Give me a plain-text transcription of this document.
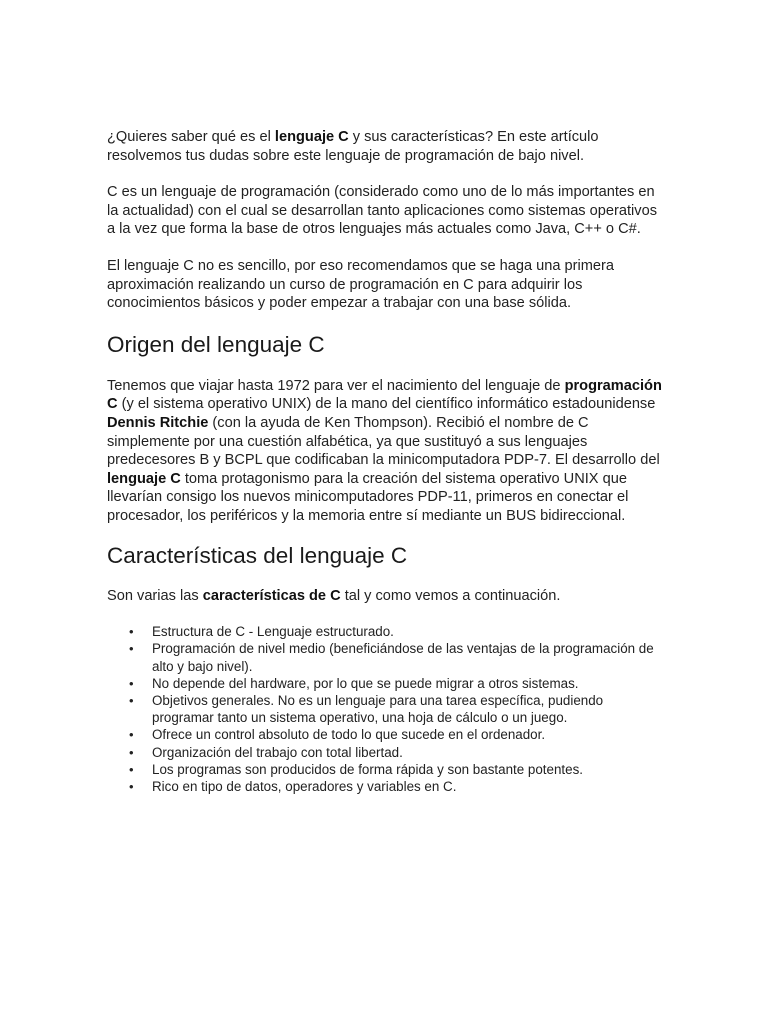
¿Quieres saber qué es el lenguaje C y sus características? En este artículo resolvemos tus dudas sobre este lenguaje de programación de bajo nivel.

C es un lenguaje de programación (considerado como uno de lo más importantes en la actualidad) con el cual se desarrollan tanto aplicaciones como sistemas operativos a la vez que forma la base de otros lenguajes más actuales como Java, C++ o C#.

El lenguaje C no es sencillo, por eso recomendamos que se haga una primera aproximación realizando un curso de programación en C para adquirir los conocimientos básicos y poder empezar a trabajar con una base sólida.

Origen del lenguaje C

Tenemos que viajar hasta 1972 para ver el nacimiento del lenguaje de programación C (y el sistema operativo UNIX) de la mano del científico informático estadounidense Dennis Ritchie (con la ayuda de Ken Thompson). Recibió el nombre de C simplemente por una cuestión alfabética, ya que sustituyó a sus lenguajes predecesores B y BCPL que codificaban la minicomputadora PDP-7. El desarrollo del lenguaje C toma protagonismo para la creación del sistema operativo UNIX que llevarían consigo los nuevos minicomputadores PDP-11, primeros en conectar el procesador, los periféricos y la memoria entre sí mediante un BUS bidireccional.

Características del lenguaje C

Son varias las características de C tal y como vemos a continuación.

• Estructura de C - Lenguaje estructurado.
• Programación de nivel medio (beneficiándose de las ventajas de la programación de alto y bajo nivel).
• No depende del hardware, por lo que se puede migrar a otros sistemas.
• Objetivos generales. No es un lenguaje para una tarea específica, pudiendo programar tanto un sistema operativo, una hoja de cálculo o un juego.
• Ofrece un control absoluto de todo lo que sucede en el ordenador.
• Organización del trabajo con total libertad.
• Los programas son producidos de forma rápida y son bastante potentes.
• Rico en tipo de datos, operadores y variables en C.
